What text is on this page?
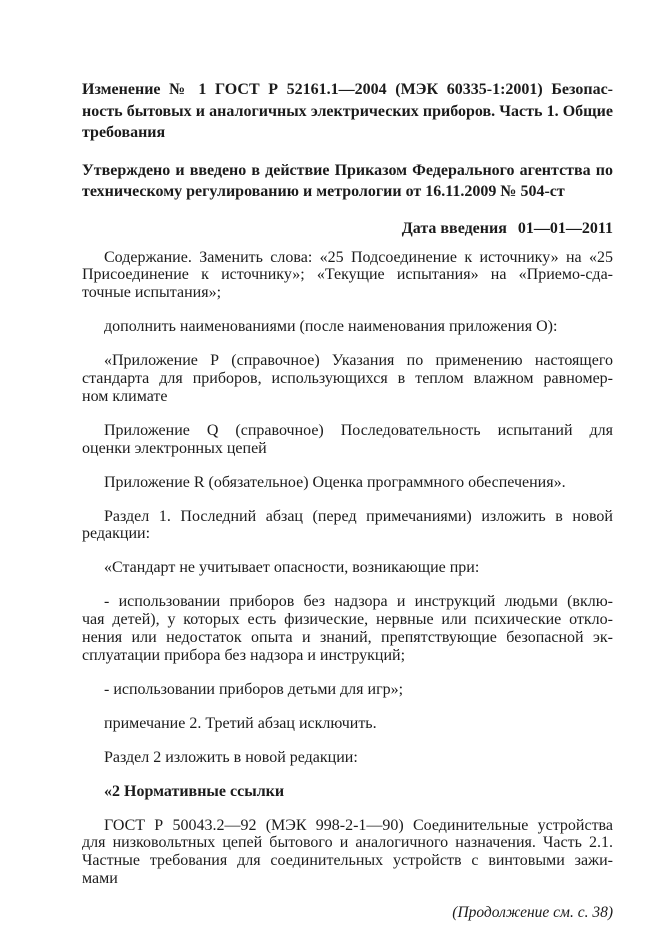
Изменение № 1 ГОСТ Р 52161.1—2004 (МЭК 60335-1:2001) Безопас-
ность бытовых и аналогичных электрических приборов. Часть 1. Общие
требования

Утверждено и введено в действие Приказом Федерального агентства по
техническому регулированию и метрологии от 16.11.2009 № 504-ст

Дата введения 01—01—2011

Содержание. Заменить слова: «25 Подсоединение к источнику» на «25
Присоединение к источнику»; «Текущие испытания» на «Приемо-сда-
точные испытания»;

дополнить наименованиями (после наименования приложения О):

«Приложение Р (справочное) Указания по применению настоящего
стандарта для приборов, использующихся в теплом влажном равномер-
ном климате

Приложение Q (справочное) Последовательность испытаний для
оценки электронных цепей

Приложение R (обязательное) Оценка программного обеспечения».

Раздел 1. Последний абзац (перед примечаниями) изложить в новой
редакции:

«Стандарт не учитывает опасности, возникающие при:

- использовании приборов без надзора и инструкций людьми (вклю-
чая детей), у которых есть физические, нервные или психические откло-
нения или недостаток опыта и знаний, препятствующие безопасной эк-
сплуатации прибора без надзора и инструкций;

- использовании приборов детьми для игр»;

примечание 2. Третий абзац исключить.

Раздел 2 изложить в новой редакции:

«2 Нормативные ссылки

ГОСТ Р 50043.2—92 (МЭК 998-2-1—90) Соединительные устройства
для низковольтных цепей бытового и аналогичного назначения. Часть 2.1.
Частные требования для соединительных устройств с винтовыми зажи-
мами

(Продолжение см. с. 38)
